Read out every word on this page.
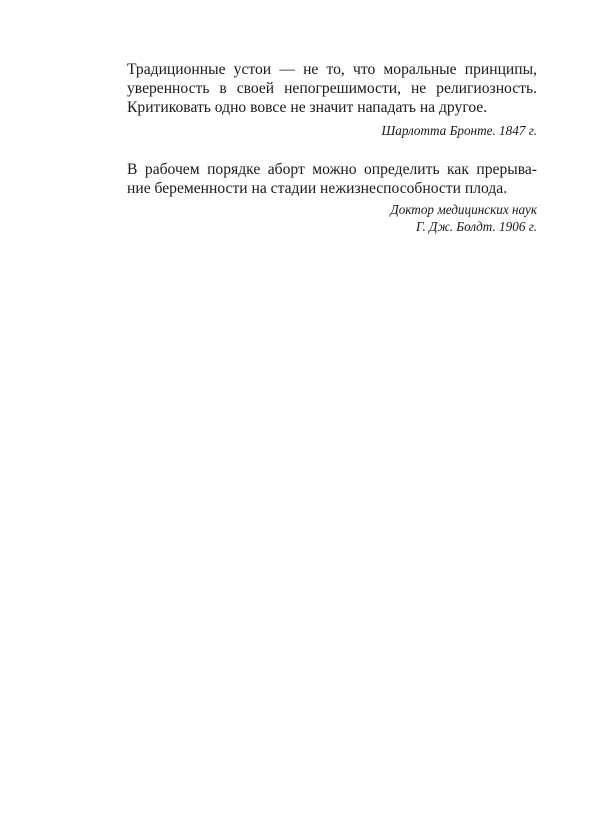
Традиционные устои — не то, что моральные принципы,
уверенность в своей непогрешимости, не религиозность.
Критиковать одно вовсе не значит нападать на другое.
Шарлотта Бронте. 1847 г.
В рабочем порядке аборт можно определить как прерыва-
ние беременности на стадии нежизнеспособности плода.
Доктор медицинских наук
Г. Дж. Болдт. 1906 г.
